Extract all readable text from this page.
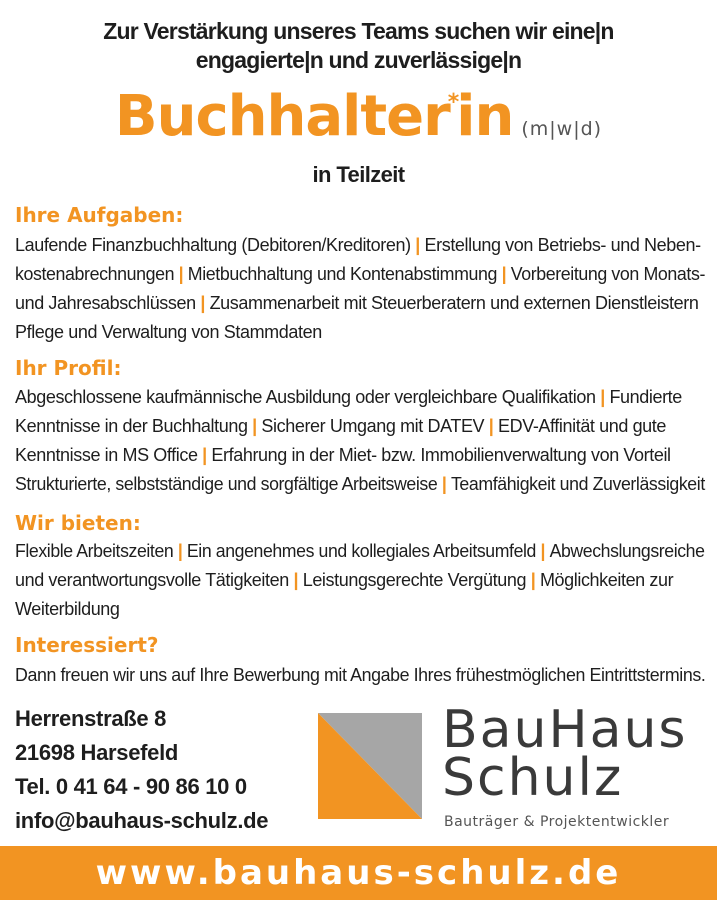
Zur Verstärkung unseres Teams suchen wir eine|n
engagierte|n und zuverlässige|n
Buchhalter*in (m|w|d)
in Teilzeit
Ihre Aufgaben:
Laufende Finanzbuchhaltung (Debitoren/Kreditoren) | Erstellung von Betriebs- und Neben-
kostenabrechnungen | Mietbuchhaltung und Kontenabstimmung | Vorbereitung von Monats-
und Jahresabschlüssen | Zusammenarbeit mit Steuerberatern und externen Dienstleistern
Pflege und Verwaltung von Stammdaten
Ihr Profil:
Abgeschlossene kaufmännische Ausbildung oder vergleichbare Qualifikation | Fundierte
Kenntnisse in der Buchhaltung | Sicherer Umgang mit DATEV | EDV-Affinität und gute
Kenntnisse in MS Office | Erfahrung in der Miet- bzw. Immobilienverwaltung von Vorteil
Strukturierte, selbstständige und sorgfältige Arbeitsweise | Teamfähigkeit und Zuverlässigkeit
Wir bieten:
Flexible Arbeitszeiten | Ein angenehmes und kollegiales Arbeitsumfeld | Abwechslungsreiche
und verantwortungsvolle Tätigkeiten | Leistungsgerechte Vergütung | Möglichkeiten zur
Weiterbildung
Interessiert?
Dann freuen wir uns auf Ihre Bewerbung mit Angabe Ihres frühestmöglichen Eintrittstermins.
Herrenstraße 8
21698 Harsefeld
Tel. 0 41 64 - 90 86 10 0
info@bauhaus-schulz.de
BauHaus
Schulz
Bauträger & Projektentwickler
www.bauhaus-schulz.de
